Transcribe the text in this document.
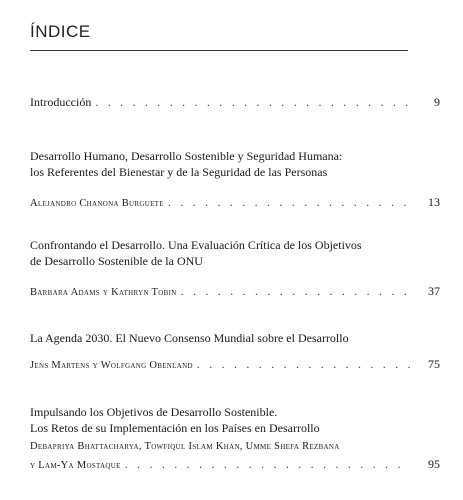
ÍNDICE
Introducción . . .	9
Desarrollo Humano, Desarrollo Sostenible y Seguridad Humana:
los Referentes del Bienestar y de la Seguridad de las Personas
Alejandro Chanona Burguete . . .	13
Confrontando el Desarrollo. Una Evaluación Crítica de los Objetivos
de Desarrollo Sostenible de la ONU
Barbara Adams y Kathryn Tobin . . .	37
La Agenda 2030. El Nuevo Consenso Mundial sobre el Desarrollo
Jens Martens y Wolfgang Obenland . . .	75
Impulsando los Objetivos de Desarrollo Sostenible.
Los Retos de su Implementación en los Países en Desarrollo
Debapriya Bhattacharya, Towfiqul Islam Khan, Umme Shefa Rezbana
y Lam-Ya Mostaque . . .	95
